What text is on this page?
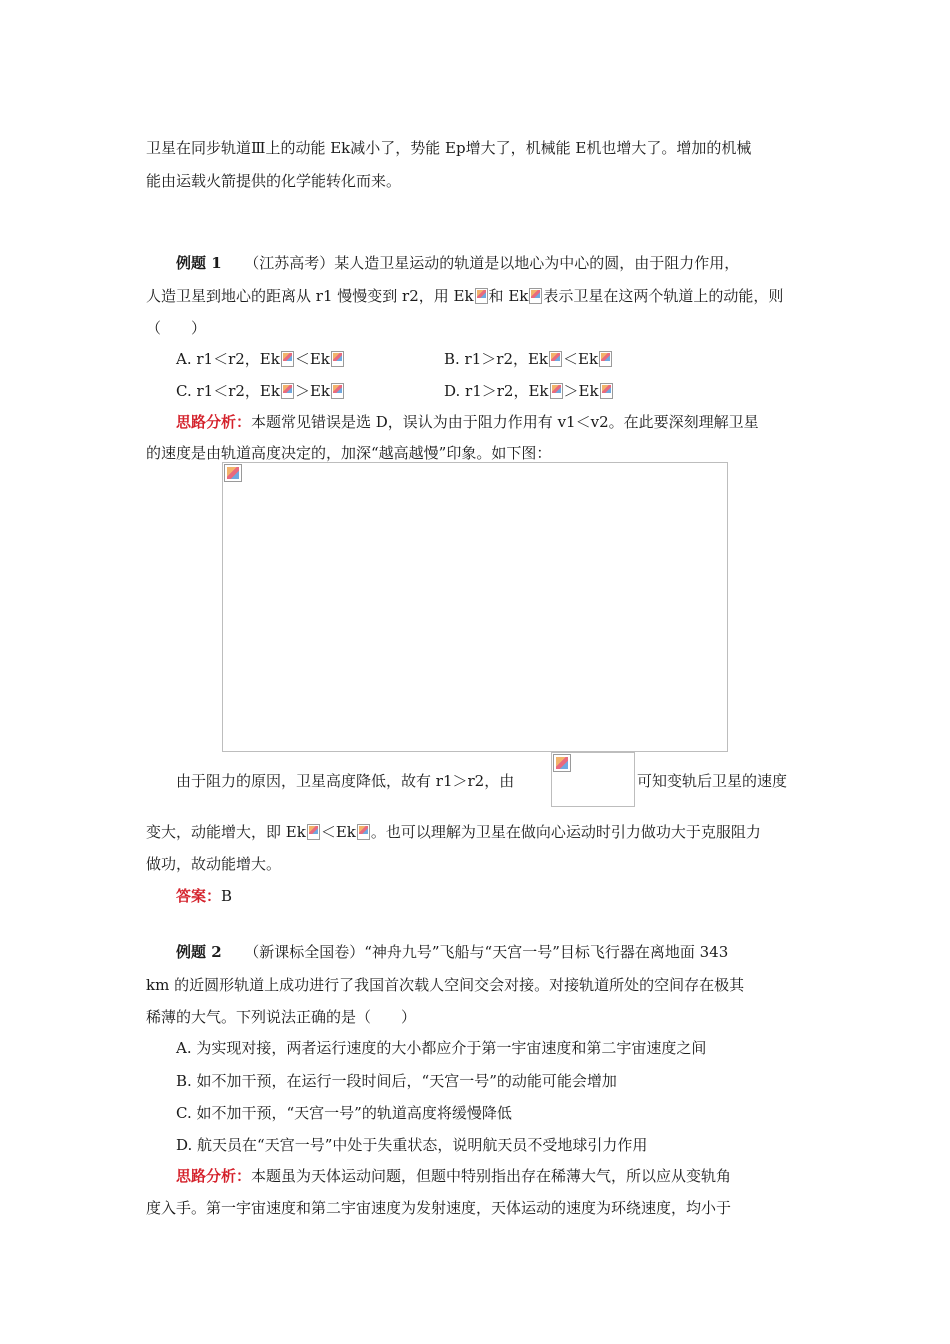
卫星在同步轨道Ⅲ上的动能 Ek减小了，势能 Ep增大了，机械能 E机也增大了。增加的机械
能由运载火箭提供的化学能转化而来。
例题 1　　 （江苏高考）某人造卫星运动的轨道是以地心为中心的圆，由于阻力作用，
人造卫星到地心的距离从 r1 慢慢变到 r2，用 Ek 和 Ek 表示卫星在这两个轨道上的动能，则
（　　）
A. r1＜r2，Ek ＜Ek	B. r1＞r2，Ek ＜Ek
C. r1＜r2，Ek ＞Ek	D. r1＞r2，Ek ＞Ek
思路分析：本题常见错误是选 D，误认为由于阻力作用有 v1＜v2。在此要深刻理解卫星
的速度是由轨道高度决定的，加深“越高越慢”印象。如下图：
由于阻力的原因，卫星高度降低，故有 r1＞r2，由	可知变轨后卫星的速度
变大，动能增大，即 Ek ＜Ek 。也可以理解为卫星在做向心运动时引力做功大于克服阻力
做功，故动能增大。
答案：B
例题 2　　 （新课标全国卷）“神舟九号”飞船与“天宫一号”目标飞行器在离地面 343
km 的近圆形轨道上成功进行了我国首次载人空间交会对接。对接轨道所处的空间存在极其
稀薄的大气。下列说法正确的是（　　）
A. 为实现对接，两者运行速度的大小都应介于第一宇宙速度和第二宇宙速度之间
B. 如不加干预，在运行一段时间后，“天宫一号”的动能可能会增加
C. 如不加干预，“天宫一号”的轨道高度将缓慢降低
D. 航天员在“天宫一号”中处于失重状态，说明航天员不受地球引力作用
思路分析：本题虽为天体运动问题，但题中特别指出存在稀薄大气，所以应从变轨角
度入手。第一宇宙速度和第二宇宙速度为发射速度，天体运动的速度为环绕速度，均小于
